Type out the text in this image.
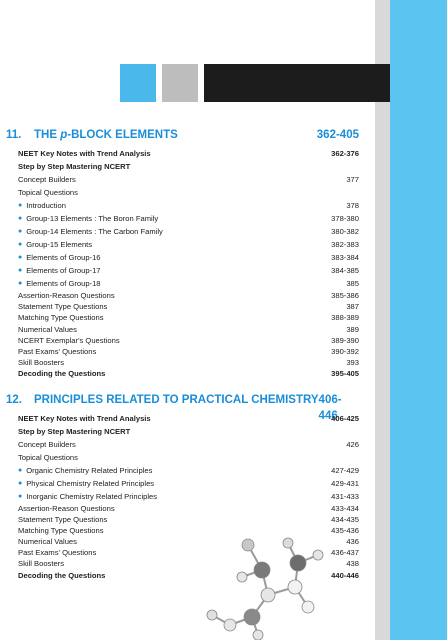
11.	THE p -BLOCK ELEMENTS	362-405
NEET Key Notes with Trend Analysis	362-376
Step by Step Mastering NCERT
Concept Builders	377
Topical Questions
● Introduction	378
● Group-13 Elements : The Boron Family	378-380
● Group-14 Elements : The Carbon Family	380-382
● Group-15 Elements	382-383
● Elements of Group-16	383-384
● Elements of Group-17	384-385
● Elements of Group-18	385
Assertion-Reason Questions	385-386
Statement Type Questions	387
Matching Type Questions	388-389
Numerical Values	389
NCERT Exemplar's Questions	389-390
Past Exams' Questions	390-392
Skill Boosters	393
Decoding the Questions	395-405
12.	PRINCIPLES RELATED TO PRACTICAL CHEMISTRY 406-446
NEET Key Notes with Trend Analysis	406-425
Step by Step Mastering NCERT
Concept Builders	426
Topical Questions
● Organic Chemistry Related Principles	427-429
● Physical Chemistry Related Principles	429-431
● Inorganic Chemistry Related Principles	431-433
Assertion-Reason Questions	433-434
Statement Type Questions	434-435
Matching Type Questions	435-436
Numerical Values	436
Past Exams' Questions	436-437
Skill Boosters	438
Decoding the Questions	440-446
